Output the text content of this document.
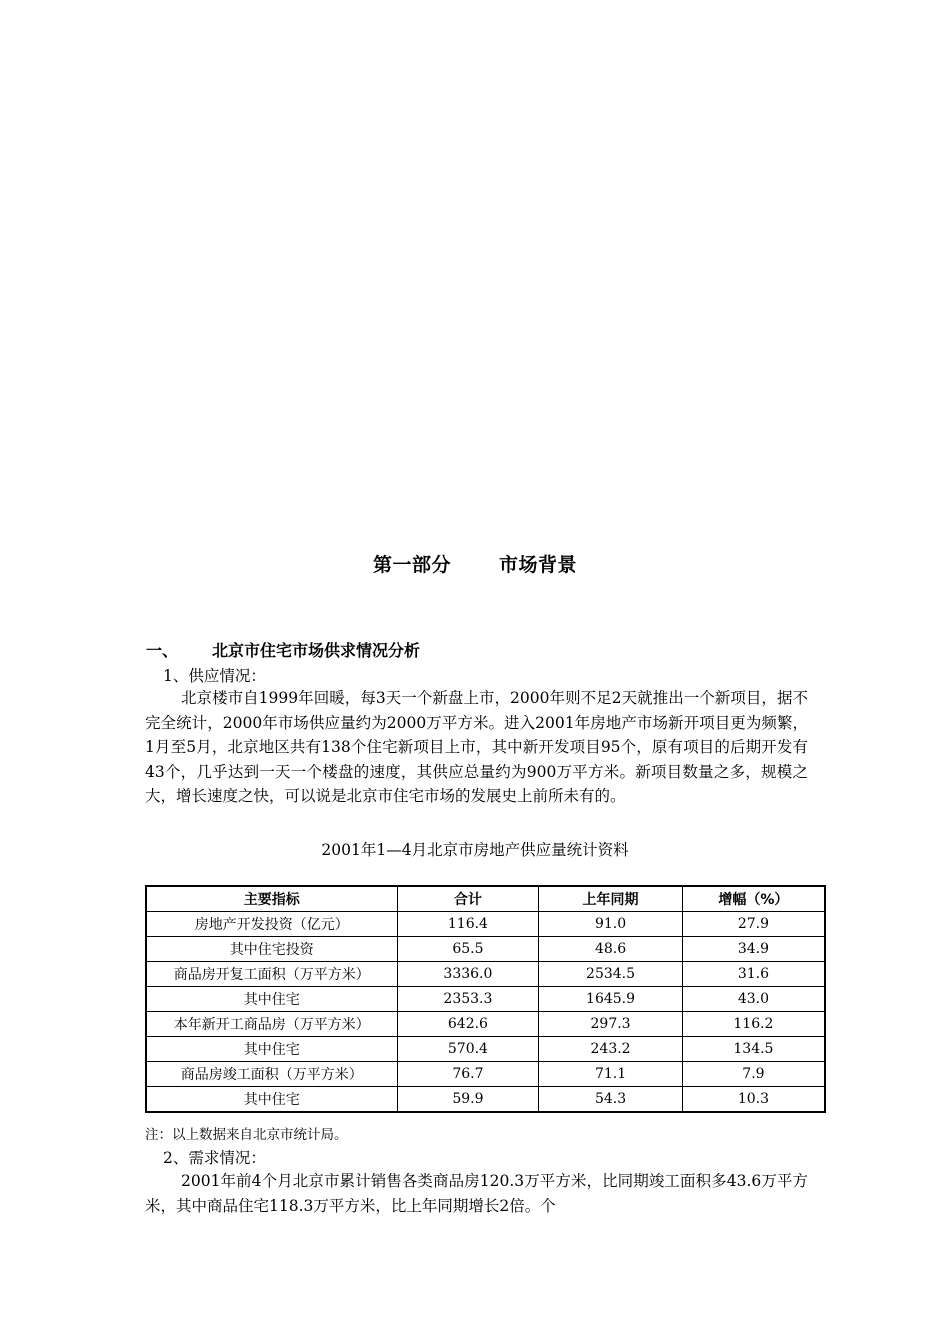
第一部分	市场背景
一、 北京市住宅市场供求情况分析
1、供应情况：

北京楼市自1999年回暖，每3天一个新盘上市，2000年则不足2天就推出一个新项目，据不完全统计，2000年市场供应量约为2000万平方米。进入2001年房地产市场新开项目更为频繁，1月至5月，北京地区共有138个住宅新项目上市，其中新开发项目95个，原有项目的后期开发有43个，几乎达到一天一个楼盘的速度，其供应总量约为900万平方米。新项目数量之多，规模之大，增长速度之快，可以说是北京市住宅市场的发展史上前所未有的。

2001年1—4月北京市房地产供应量统计资料
主要指标	合计	上年同期	增幅（%）
房地产开发投资（亿元）	116.4	91.0	27.9
其中住宅投资	65.5	48.6	34.9
商品房开复工面积（万平方米）	3336.0	2534.5	31.6
其中住宅	2353.3	1645.9	43.0
本年新开工商品房（万平方米）	642.6	297.3	116.2
其中住宅	570.4	243.2	134.5
商品房竣工面积（万平方米）	76.7	71.1	7.9
其中住宅	59.9	54.3	10.3
注：以上数据来自北京市统计局。
2、需求情况：

2001年前4个月北京市累计销售各类商品房120.3万平方米，比同期竣工面积多43.6万平方米，其中商品住宅118.3万平方米，比上年同期增长2倍。个
